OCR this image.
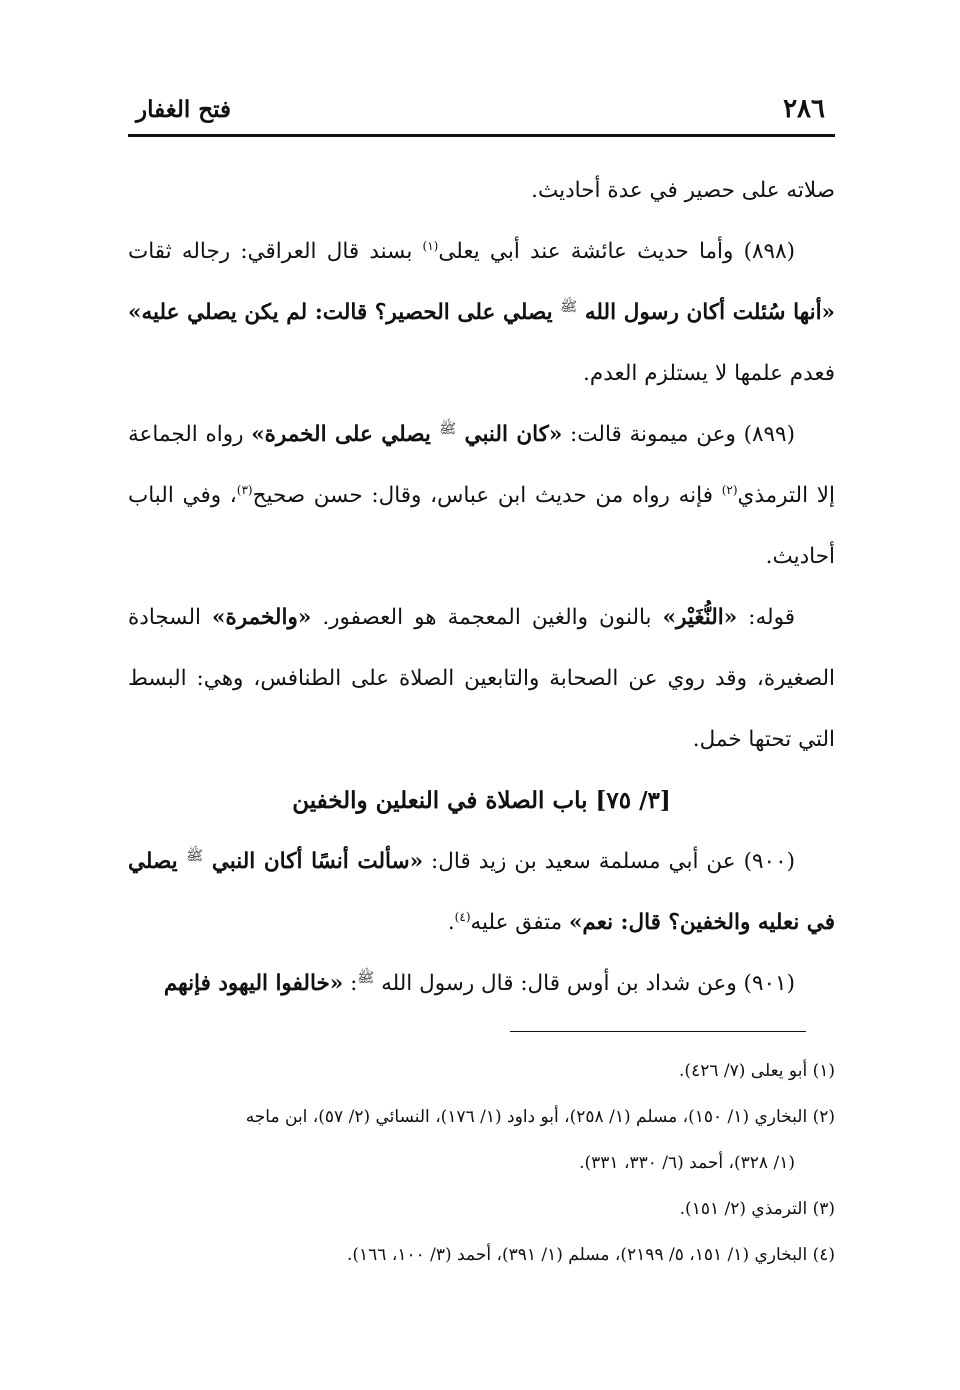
٢٨٦
فتح الغفار

صلاته على حصير في عدة أحاديث.

(٨٩٨) وأما حديث عائشة عند أبي يعلى$^{(١)}$ بسند قال العراقي: رجاله ثقات «أنها سُئلت أكان رسول الله $^ﷺ$ يصلي على الحصير؟ قالت: لم يكن يصلي عليه» فعدم علمها لا يستلزم العدم.

(٨٩٩) وعن ميمونة قالت: «كان النبي $^ﷺ$ يصلي على الخمرة» رواه الجماعة إلا الترمذي$^{(٢)}$ فإنه رواه من حديث ابن عباس، وقال: حسن صحيح$^{(٣)}$، وفي الباب أحاديث.

قوله: «النُّغَيْر» بالنون والغين المعجمة هو العصفور. «والخمرة» السجادة الصغيرة، وقد روي عن الصحابة والتابعين الصلاة على الطنافس، وهي: البسط التي تحتها خمل.

[٣/ ٧٥] باب الصلاة في النعلين والخفين

(٩٠٠) عن أبي مسلمة سعيد بن زيد قال: «سألت أنسًا أكان النبي $^ﷺ$ يصلي في نعليه والخفين؟ قال: نعم» متفق عليه$^{(٤)}$.

(٩٠١) وعن شداد بن أوس قال: قال رسول الله $^ﷺ$: «خالفوا اليهود فإنهم

(١) أبو يعلى (٧/ ٤٢٦).

(٢) البخاري (١/ ١٥٠)، مسلم (١/ ٢٥٨)، أبو داود (١/ ١٧٦)، النسائي (٢/ ٥٧)، ابن ماجه

(١/ ٣٢٨)، أحمد (٦/ ٣٣٠، ٣٣١).

(٣) الترمذي (٢/ ١٥١).

(٤) البخاري (١/ ١٥١، ٥/ ٢١٩٩)، مسلم (١/ ٣٩١)، أحمد (٣/ ١٠٠، ١٦٦).
